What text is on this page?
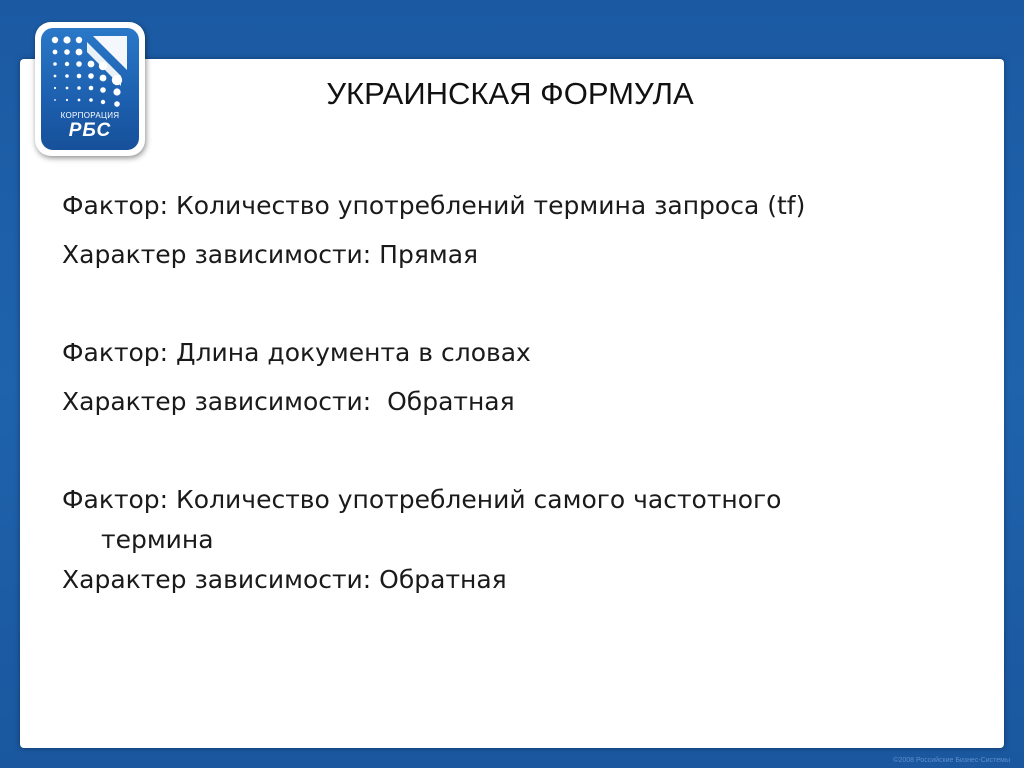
КОРПОРАЦИЯ
РБС
УКРАИНСКАЯ ФОРМУЛА
Фактор: Количество употреблений термина запроса (tf)
Характер зависимости: Прямая
Фактор: Длина документа в словах
Характер зависимости:  Обратная
Фактор: Количество употреблений самого частотного
термина
Характер зависимости: Обратная
©2008 Российские Бизнес-Системы
